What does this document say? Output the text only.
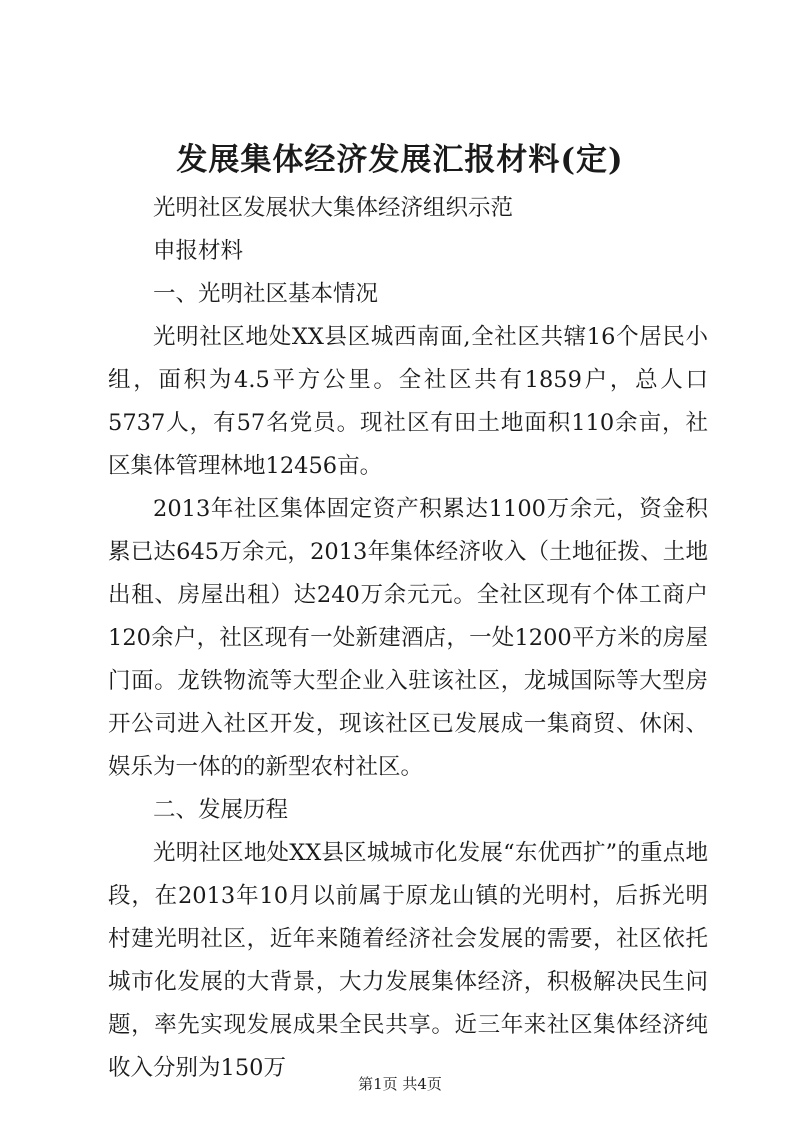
发展集体经济发展汇报材料(定)

光明社区发展状大集体经济组织示范

申报材料

一、光明社区基本情况

光明社区地处XX县区城西南面,全社区共辖16个居民小组，面积为4.5平方公里。全社区共有1859户，总人口5737人，有57名党员。现社区有田土地面积110余亩，社区集体管理林地12456亩。

2013年社区集体固定资产积累达1100万余元，资金积累已达645万余元，2013年集体经济收入（土地征拨、土地出租、房屋出租）达240万余元元。全社区现有个体工商户120余户，社区现有一处新建酒店，一处1200平方米的房屋门面。龙铁物流等大型企业入驻该社区，龙城国际等大型房开公司进入社区开发，现该社区已发展成一集商贸、休闲、娱乐为一体的的新型农村社区。

二、发展历程

光明社区地处XX县区城城市化发展“东优西扩”的重点地段，在2013年10月以前属于原龙山镇的光明村，后拆光明村建光明社区，近年来随着经济社会发展的需要，社区依托城市化发展的大背景，大力发展集体经济，积极解决民生问题，率先实现发展成果全民共享。近三年来社区集体经济纯收入分别为150万

第1页 共4页
